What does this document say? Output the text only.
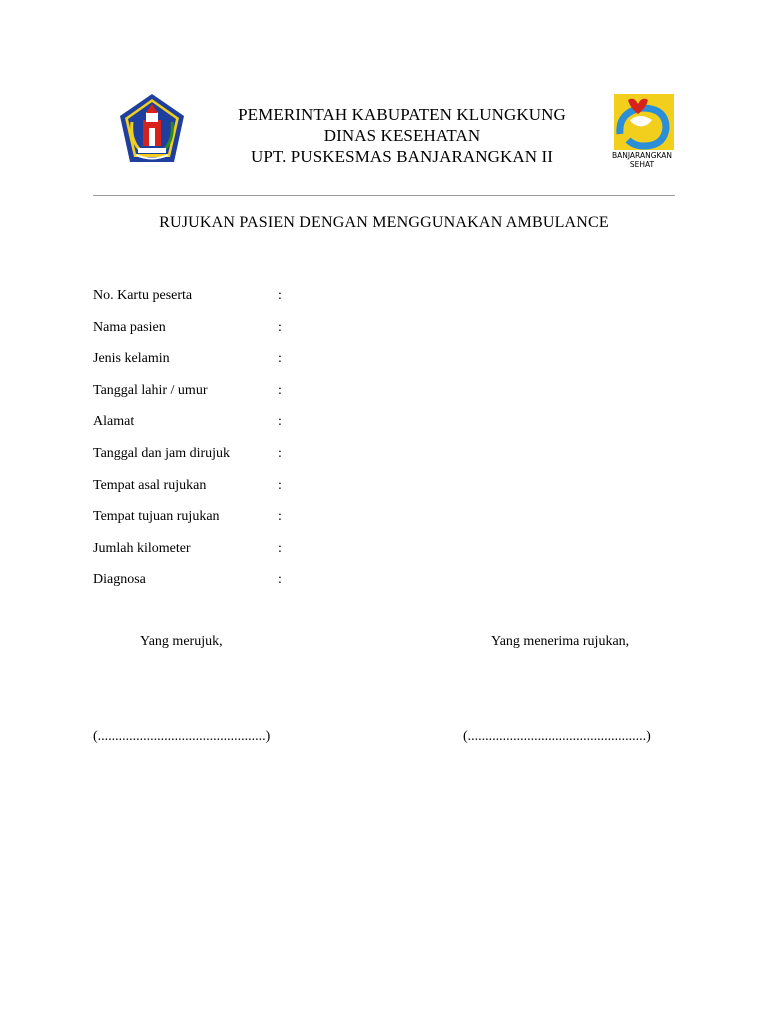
PEMERINTAH KABUPATEN KLUNGKUNG
DINAS KESEHATAN
UPT. PUSKESMAS BANJARANGKAN II	BANJARANGKAN
SEHAT
RUJUKAN PASIEN DENGAN MENGGUNAKAN AMBULANCE
No. Kartu peserta	:
Nama pasien	:
Jenis kelamin	:
Tanggal lahir / umur	:
Alamat	:
Tanggal dan jam dirujuk	:
Tempat asal rujukan	:
Tempat tujuan rujukan	:
Jumlah kilometer	:
Diagnosa	:
Yang merujuk,	Yang menerima rujukan,
(................................................)	(...................................................)
